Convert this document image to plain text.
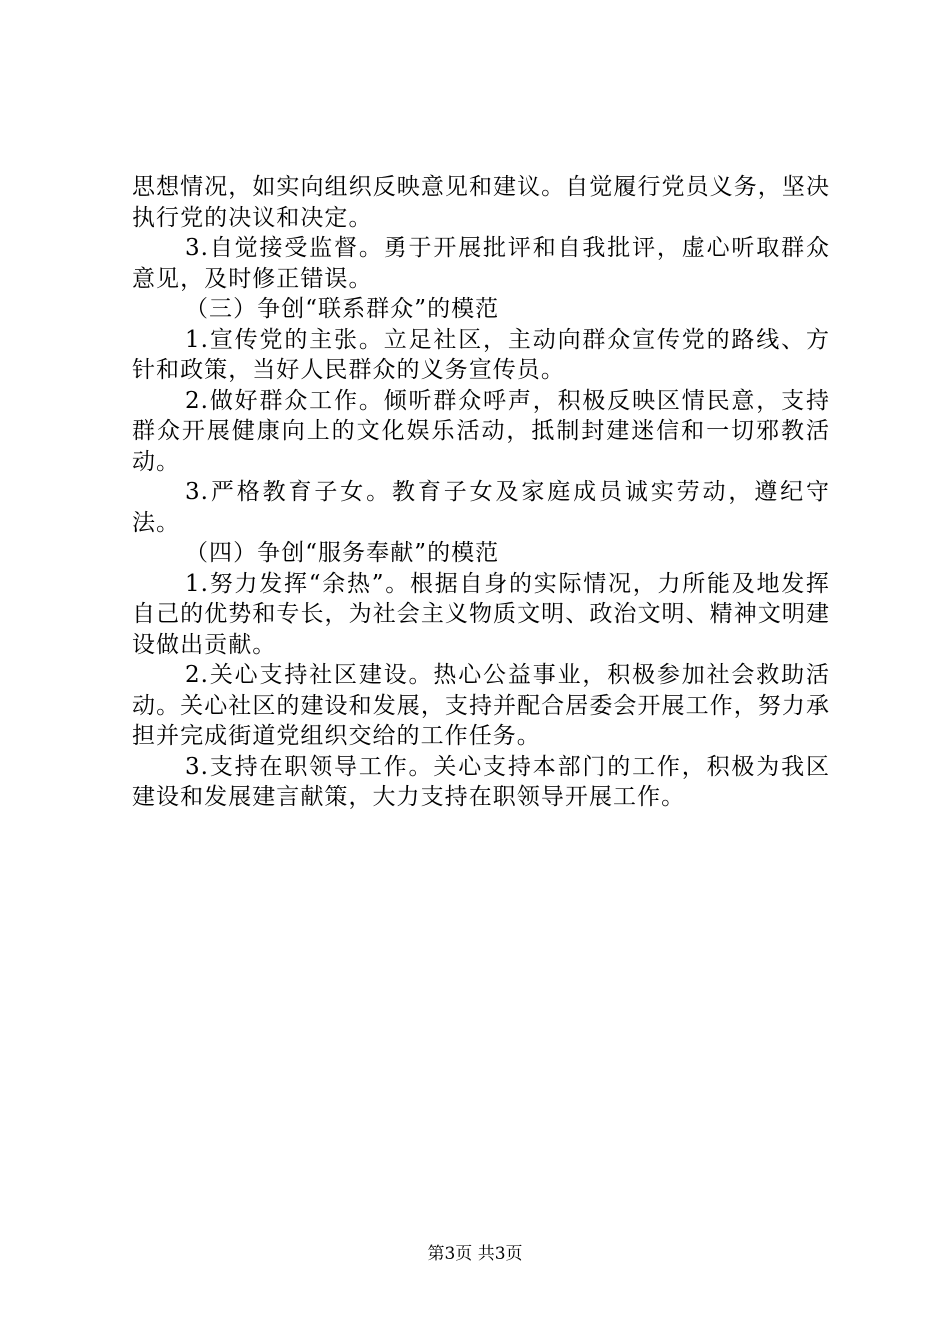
思想情况，如实向组织反映意见和建议。自觉履行党员义务，坚决执行党的决议和决定。

3.自觉接受监督。勇于开展批评和自我批评，虚心听取群众意见，及时修正错误。

（三）争创“联系群众”的模范

1.宣传党的主张。立足社区，主动向群众宣传党的路线、方针和政策，当好人民群众的义务宣传员。

2.做好群众工作。倾听群众呼声，积极反映区情民意，支持群众开展健康向上的文化娱乐活动，抵制封建迷信和一切邪教活动。

3.严格教育子女。教育子女及家庭成员诚实劳动，遵纪守法。

（四）争创“服务奉献”的模范

1.努力发挥“余热”。根据自身的实际情况，力所能及地发挥自己的优势和专长，为社会主义物质文明、政治文明、精神文明建设做出贡献。

2.关心支持社区建设。热心公益事业，积极参加社会救助活动。关心社区的建设和发展，支持并配合居委会开展工作，努力承担并完成街道党组织交给的工作任务。

3.支持在职领导工作。关心支持本部门的工作，积极为我区建设和发展建言献策，大力支持在职领导开展工作。

第3页 共3页
